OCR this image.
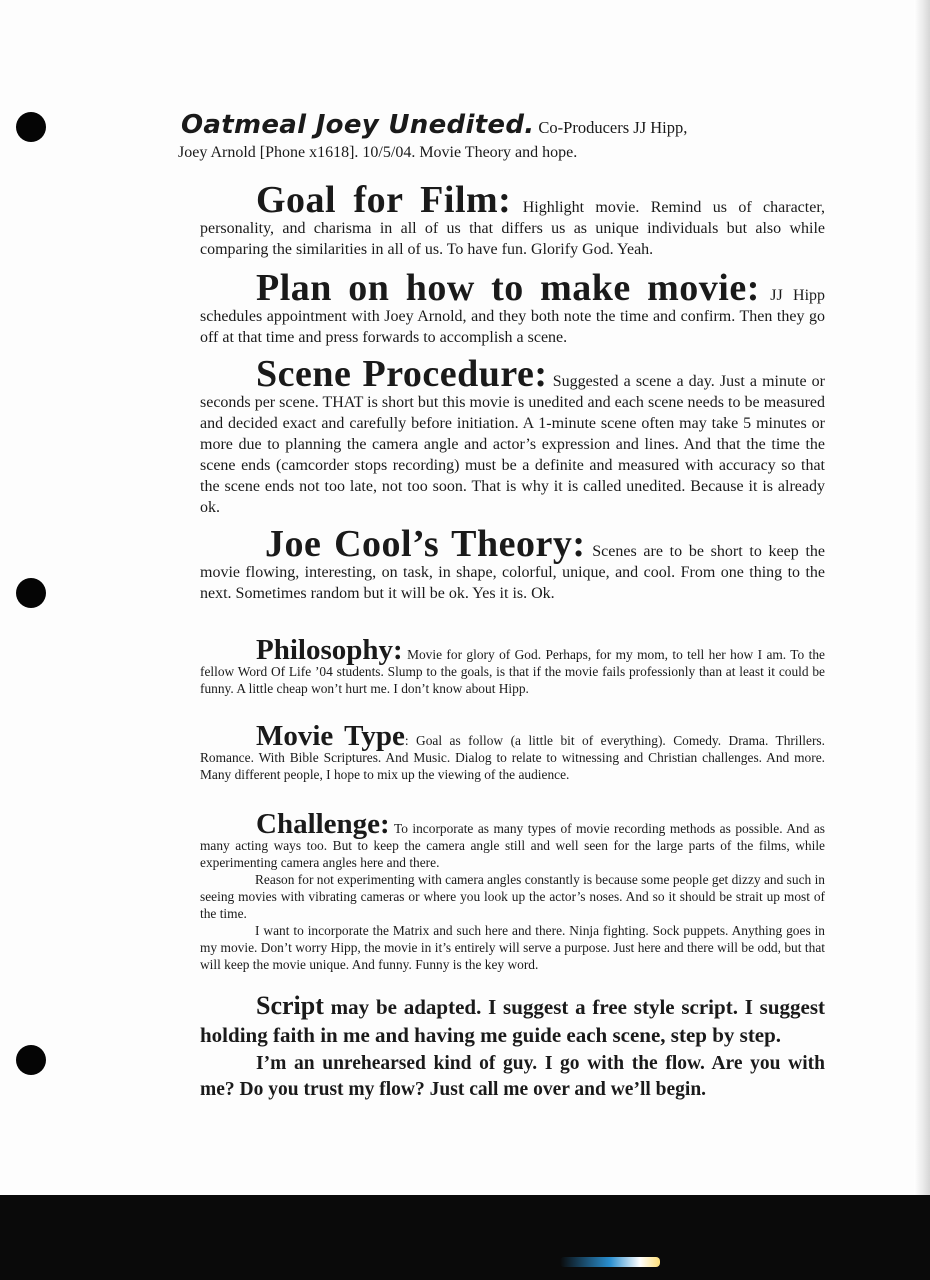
Oatmeal Joey Unedited. Co-Producers JJ Hipp,
Joey Arnold [Phone x1618]. 10/5/04. Movie Theory and hope.

Goal for Film: Highlight movie. Remind us of character, personality, and charisma in all of us that differs us as unique individuals but also while comparing the similarities in all of us. To have fun. Glorify God. Yeah.

Plan on how to make movie: JJ Hipp schedules appointment with Joey Arnold, and they both note the time and confirm. Then they go off at that time and press forwards to accomplish a scene.

Scene Procedure: Suggested a scene a day. Just a minute or seconds per scene. THAT is short but this movie is unedited and each scene needs to be measured and decided exact and carefully before initiation. A 1-minute scene often may take 5 minutes or more due to planning the camera angle and actor’s expression and lines. And that the time the scene ends (camcorder stops recording) must be a definite and measured with accuracy so that the scene ends not too late, not too soon. That is why it is called unedited. Because it is already ok.

Joe Cool’s Theory: Scenes are to be short to keep the movie flowing, interesting, on task, in shape, colorful, unique, and cool. From one thing to the next. Sometimes random but it will be ok. Yes it is. Ok.

Philosophy: Movie for glory of God. Perhaps, for my mom, to tell her how I am. To the fellow Word Of Life ’04 students. Slump to the goals, is that if the movie fails professionly than at least it could be funny. A little cheap won’t hurt me. I don’t know about Hipp.

Movie Type: Goal as follow (a little bit of everything). Comedy. Drama. Thrillers. Romance. With Bible Scriptures. And Music. Dialog to relate to witnessing and Christian challenges. And more. Many different people, I hope to mix up the viewing of the audience.

Challenge: To incorporate as many types of movie recording methods as possible. And as many acting ways too. But to keep the camera angle still and well seen for the large parts of the films, while experimenting camera angles here and there.

Reason for not experimenting with camera angles constantly is because some people get dizzy and such in seeing movies with vibrating cameras or where you look up the actor’s noses. And so it should be strait up most of the time.

I want to incorporate the Matrix and such here and there. Ninja fighting. Sock puppets. Anything goes in my movie. Don’t worry Hipp, the movie in it’s entirely will serve a purpose. Just here and there will be odd, but that will keep the movie unique. And funny. Funny is the key word.

Script may be adapted. I suggest a free style script. I suggest holding faith in me and having me guide each scene, step by step.

I’m an unrehearsed kind of guy. I go with the flow. Are you with me? Do you trust my flow? Just call me over and we’ll begin.
